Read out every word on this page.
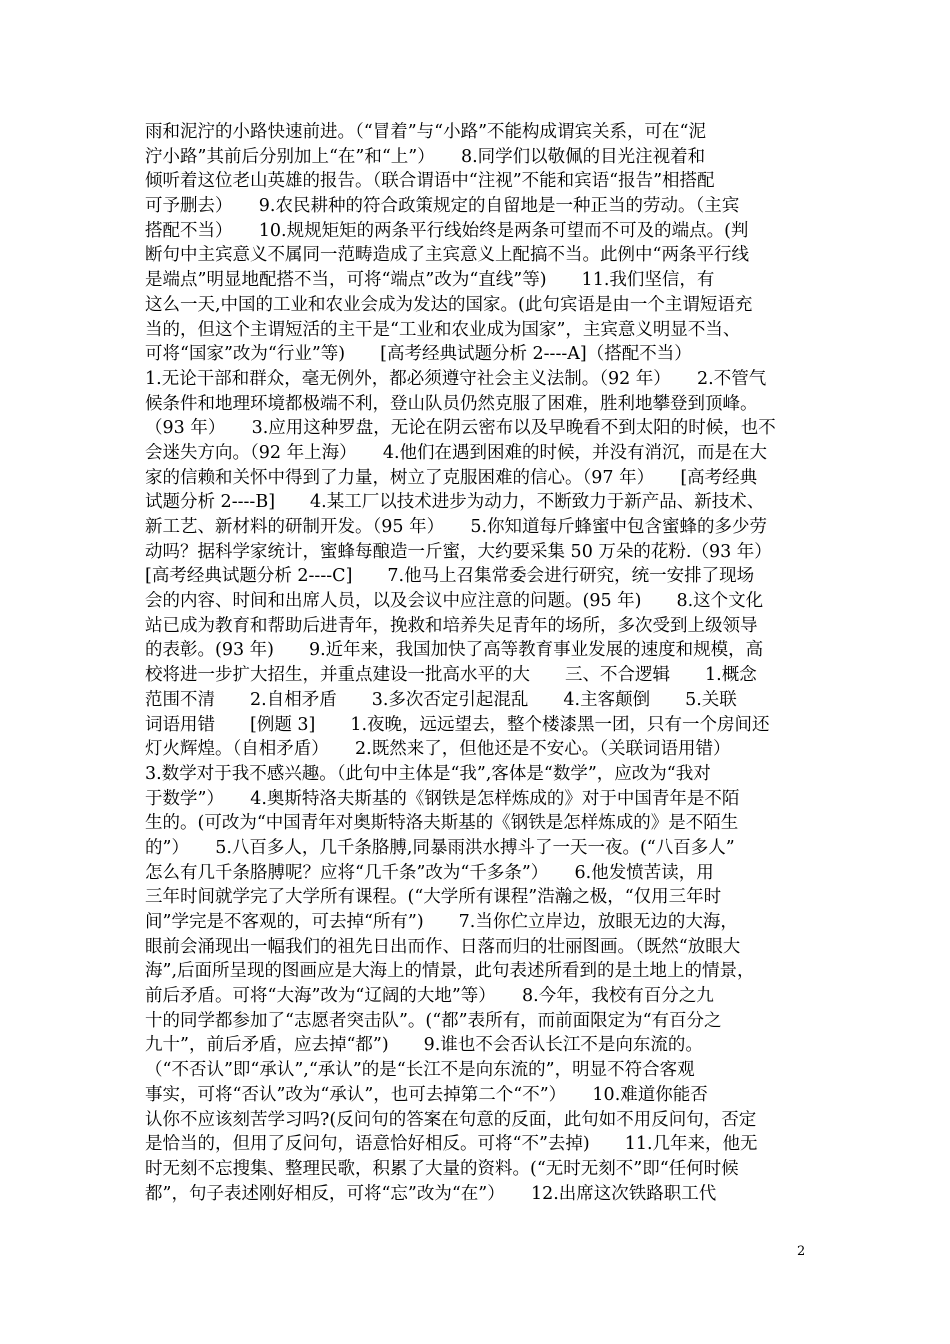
雨和泥泞的小路快速前进。（“冒着”与“小路”不能构成谓宾关系，可在“泥
泞小路”其前后分别加上“在”和“上”）　　8.同学们以敬佩的目光注视着和
倾听着这位老山英雄的报告。（联合谓语中“注视”不能和宾语“报告”相搭配
可予删去）　　9.农民耕种的符合政策规定的自留地是一种正当的劳动。（主宾
搭配不当）　　10.规规矩矩的两条平行线始终是两条可望而不可及的端点。(判
断句中主宾意义不属同一范畴造成了主宾意义上配搞不当。此例中“两条平行线
是端点”明显地配搭不当，可将“端点”改为“直线”等)　　11.我们坚信，有
这么一天,中国的工业和农业会成为发达的国家。(此句宾语是由一个主谓短语充
当的，但这个主谓短活的主干是“工业和农业成为国家”，主宾意义明显不当、
可将“国家”改为“行业”等)　　[高考经典试题分析 2----A]（搭配不当）
1.无论干部和群众，毫无例外，都必须遵守社会主义法制。（92 年）　　2.不管气
候条件和地理环境都极端不利，登山队员仍然克服了困难，胜利地攀登到顶峰。
（93 年）　　3.应用这种罗盘，无论在阴云密布以及早晚看不到太阳的时候，也不
会迷失方向。（92 年上海）　　4.他们在遇到困难的时候，并没有消沉，而是在大
家的信赖和关怀中得到了力量，树立了克服困难的信心。（97 年）　　[高考经典
试题分析 2----B]　　4.某工厂以技术进步为动力，不断致力于新产品、新技术、
新工艺、新材料的研制开发。（95 年）　　5.你知道每斤蜂蜜中包含蜜蜂的多少劳
动吗？据科学家统计，蜜蜂每酿造一斤蜜，大约要采集 50 万朵的花粉.（93 年）
[高考经典试题分析 2----C]　　7.他马上召集常委会进行研究，统一安排了现场
会的内容、时间和出席人员，以及会议中应注意的问题。(95 年)　　8.这个文化
站已成为教育和帮助后进青年，挽救和培养失足青年的场所，多次受到上级领导
的表彰。(93 年)　　9.近年来，我国加快了高等教育事业发展的速度和规模，高
校将进一步扩大招生，并重点建设一批高水平的大　　三、不合逻辑　　1.概念
范围不清　　2.自相矛盾　　3.多次否定引起混乱　　4.主客颠倒　　5.关联
词语用错　　[例题 3]　　1.夜晚，远远望去，整个楼漆黑一团，只有一个房间还
灯火辉煌。（自相矛盾）　　2.既然来了，但他还是不安心。（关联词语用错）
3.数学对于我不感兴趣。（此句中主体是“我”,客体是“数学”，应改为“我对
于数学”）　　4.奥斯特洛夫斯基的《钢铁是怎样炼成的》对于中国青年是不陌
生的。(可改为“中国青年对奥斯特洛夫斯基的《钢铁是怎样炼成的》是不陌生
的”）　　5.八百多人，几千条胳膊,同暴雨洪水搏斗了一天一夜。(“八百多人”
怎么有几千条胳膊呢？应将“几千条”改为“千多条”）　　6.他发愤苦读，用
三年时间就学完了大学所有课程。(“大学所有课程”浩瀚之极，“仅用三年时
间”学完是不客观的，可去掉“所有”)　　7.当你伫立岸边，放眼无边的大海，
眼前会涌现出一幅我们的祖先日出而作、日落而归的壮丽图画。（既然“放眼大
海”,后面所呈现的图画应是大海上的情景，此句表述所看到的是土地上的情景，
前后矛盾。可将“大海”改为“辽阔的大地”等）　　8.今年，我校有百分之九
十的同学都参加了“志愿者突击队”。(“都”表所有，而前面限定为“有百分之
九十”，前后矛盾，应去掉“都”)　　9.谁也不会否认长江不是向东流的。
（“不否认”即“承认”,“承认”的是“长江不是向东流的”，明显不符合客观
事实，可将“否认”改为“承认”，也可去掉第二个“不”）　　10.难道你能否
认你不应该刻苦学习吗?(反问句的答案在句意的反面，此句如不用反问句，否定
是恰当的，但用了反问句，语意恰好相反。可将“不”去掉)　　11.几年来，他无
时无刻不忘搜集、整理民歌，积累了大量的资料。(“无时无刻不”即“任何时候
都”，句子表述刚好相反，可将“忘”改为“在”）　　12.出席这次铁路职工代
2
